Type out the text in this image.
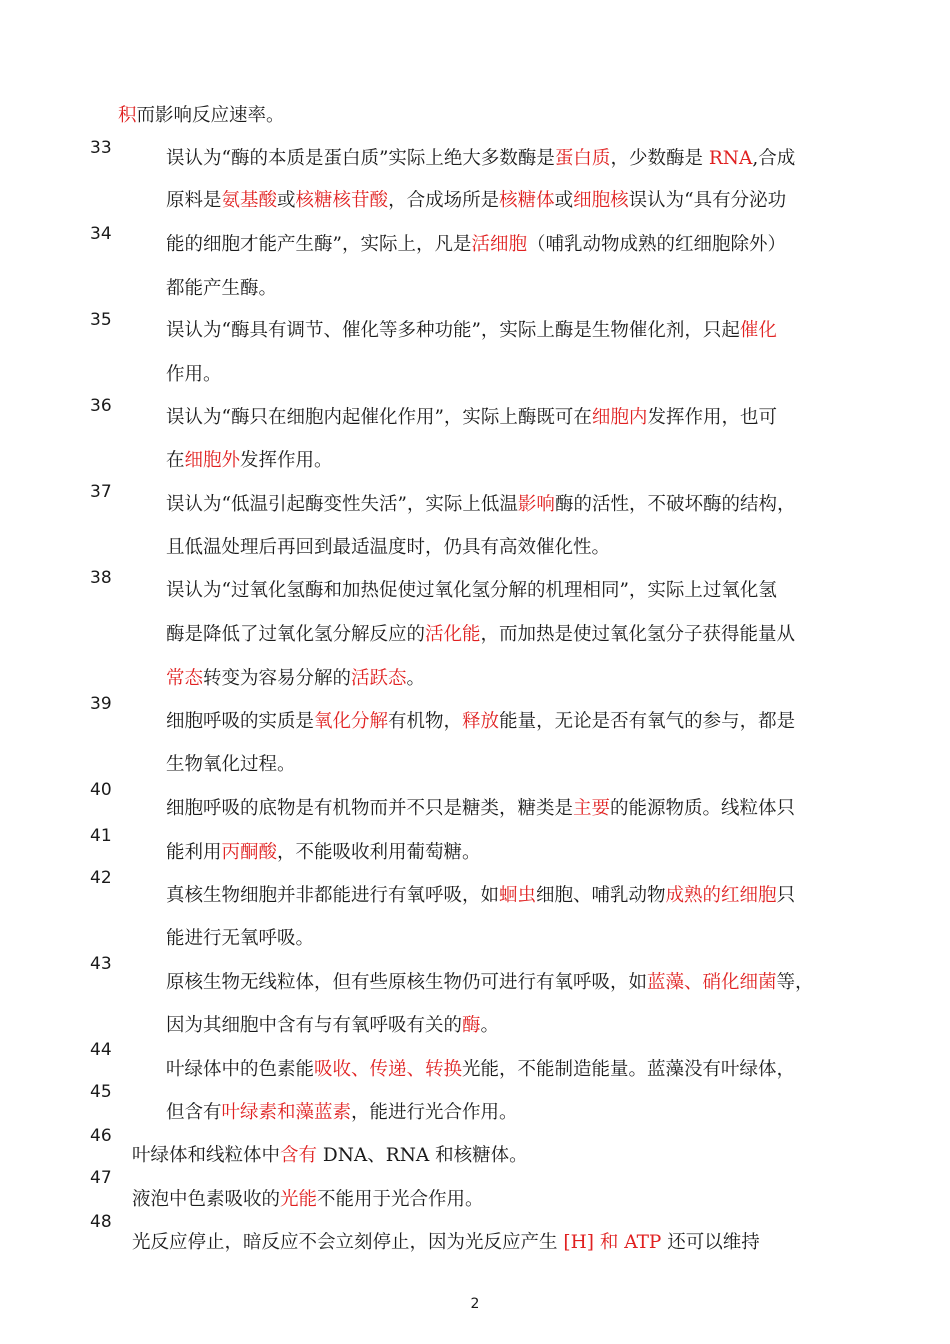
33
34
35
36
37
38
39
40
41
42
43
44
45
46
47
48
积而影响反应速率。
误认为“酶的本质是蛋白质”实际上绝大多数酶是蛋白质，少数酶是 RNA,合成
原料是氨基酸或核糖核苷酸，合成场所是核糖体或细胞核误认为“具有分泌功
能的细胞才能产生酶”，实际上，凡是活细胞（哺乳动物成熟的红细胞除外）
都能产生酶。
误认为“酶具有调节、催化等多种功能”，实际上酶是生物催化剂，只起催化
作用。
误认为“酶只在细胞内起催化作用”，实际上酶既可在细胞内发挥作用，也可
在细胞外发挥作用。
误认为“低温引起酶变性失活”，实际上低温影响酶的活性，不破坏酶的结构，
且低温处理后再回到最适温度时，仍具有高效催化性。
误认为“过氧化氢酶和加热促使过氧化氢分解的机理相同”，实际上过氧化氢
酶是降低了过氧化氢分解反应的活化能，而加热是使过氧化氢分子获得能量从
常态转变为容易分解的活跃态。
细胞呼吸的实质是氧化分解有机物，释放能量，无论是否有氧气的参与，都是
生物氧化过程。
细胞呼吸的底物是有机物而并不只是糖类，糖类是主要的能源物质。线粒体只
能利用丙酮酸，不能吸收利用葡萄糖。
真核生物细胞并非都能进行有氧呼吸，如蛔虫细胞、哺乳动物成熟的红细胞只
能进行无氧呼吸。
原核生物无线粒体，但有些原核生物仍可进行有氧呼吸，如蓝藻、硝化细菌等，
因为其细胞中含有与有氧呼吸有关的酶。
叶绿体中的色素能吸收、传递、转换光能，不能制造能量。蓝藻没有叶绿体，
但含有叶绿素和藻蓝素，能进行光合作用。
叶绿体和线粒体中含有 DNA、RNA 和核糖体。
液泡中色素吸收的光能不能用于光合作用。
光反应停止，暗反应不会立刻停止，因为光反应产生 [H] 和 ATP 还可以维持
2
